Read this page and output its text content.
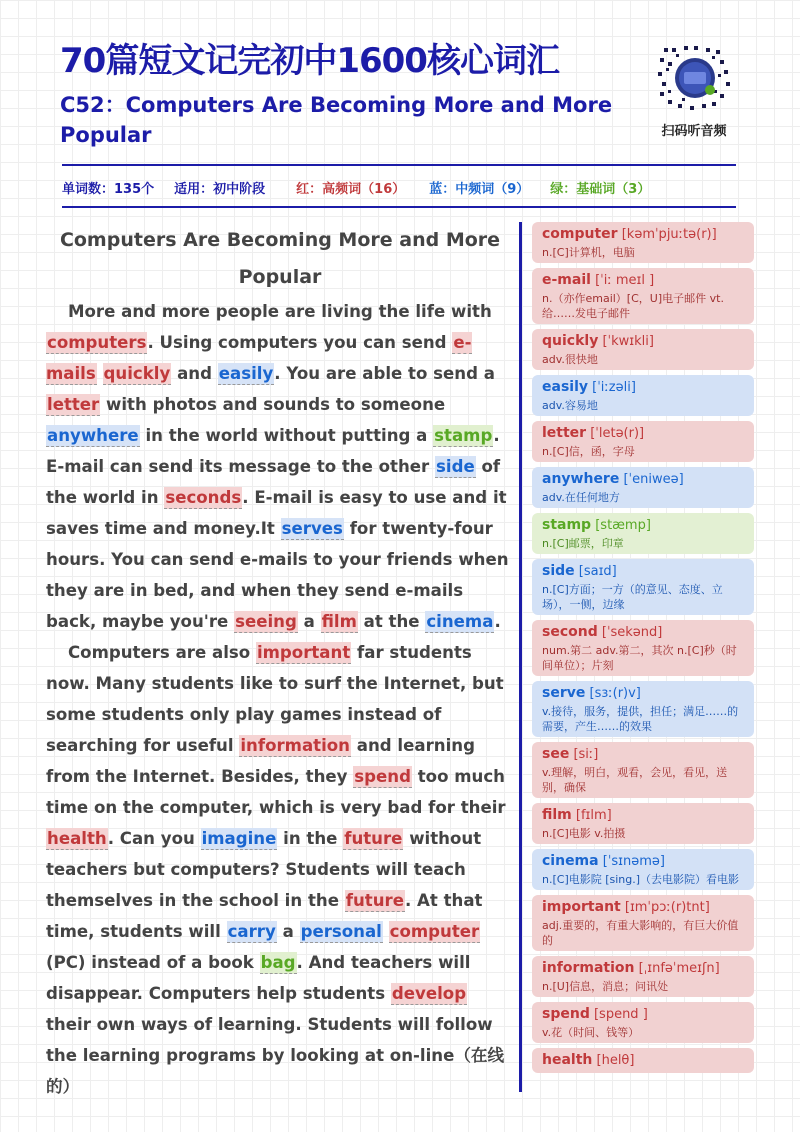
70篇短文记完初中1600核心词汇
C52：Computers Are Becoming More and More Popular	扫码听音频
单词数：135个 适用：初中阶段 红：高频词（16） 蓝：中频词（9） 绿：基础词（3）
Computers Are Becoming More and More Popular

More and more people are living the life with computers. Using computers you can send e-mails quickly and easily. You are able to send a letter with photos and sounds to someone anywhere in the world without putting a stamp. E-mail can send its message to the other side of the world in seconds. E-mail is easy to use and it saves time and money.It serves for twenty-four hours. You can send e-mails to your friends when they are in bed, and when they send e-mails back, maybe you're seeing a film at the cinema.

Computers are also important far students now. Many students like to surf the Internet, but some students only play games instead of searching for useful information and learning from the Internet. Besides, they spend too much time on the computer, which is very bad for their health. Can you imagine in the future without teachers but computers? Students will teach themselves in the school in the future. At that time, students will carry a personal computer (PC) instead of a book bag. And teachers will disappear. Computers help students develop their own ways of learning. Students will follow the learning programs by looking at on-line（在线的）

computer [kəmˈpjuːtə(r)]
n.[C]计算机，电脑
e-mail [ˈiː meɪl ]
n.（亦作email）[C，U]电子邮件 vt. 给……发电子邮件
quickly [ˈkwɪkli]
adv.很快地
easily [ˈiːzəli]
adv.容易地
letter [ˈletə(r)]
n.[C]信，函，字母
anywhere [ˈeniweə]
adv.在任何地方
stamp [stæmp]
n.[C]邮票，印章
side [saɪd]
n.[C]方面；一方（的意见、态度、立场），一侧，边缘
second [ˈsekənd]
num.第二 adv.第二，其次 n.[C]秒（时间单位）；片刻
serve [sɜː(r)v]
v.接待，服务，提供，担任；满足……的需要，产生……的效果
see [siː]
v.理解，明白，观看，会见，看见，送别，确保
film [fɪlm]
n.[C]电影 v.拍摄
cinema [ˈsɪnəmə]
n.[C]电影院 [sing.]（去电影院）看电影
important [ɪmˈpɔː(r)tnt]
adj.重要的，有重大影响的，有巨大价值的
information [ˌɪnfəˈmeɪʃn]
n.[U]信息，消息；问讯处
spend [spend ]
v.花（时间、钱等）
health [helθ]
